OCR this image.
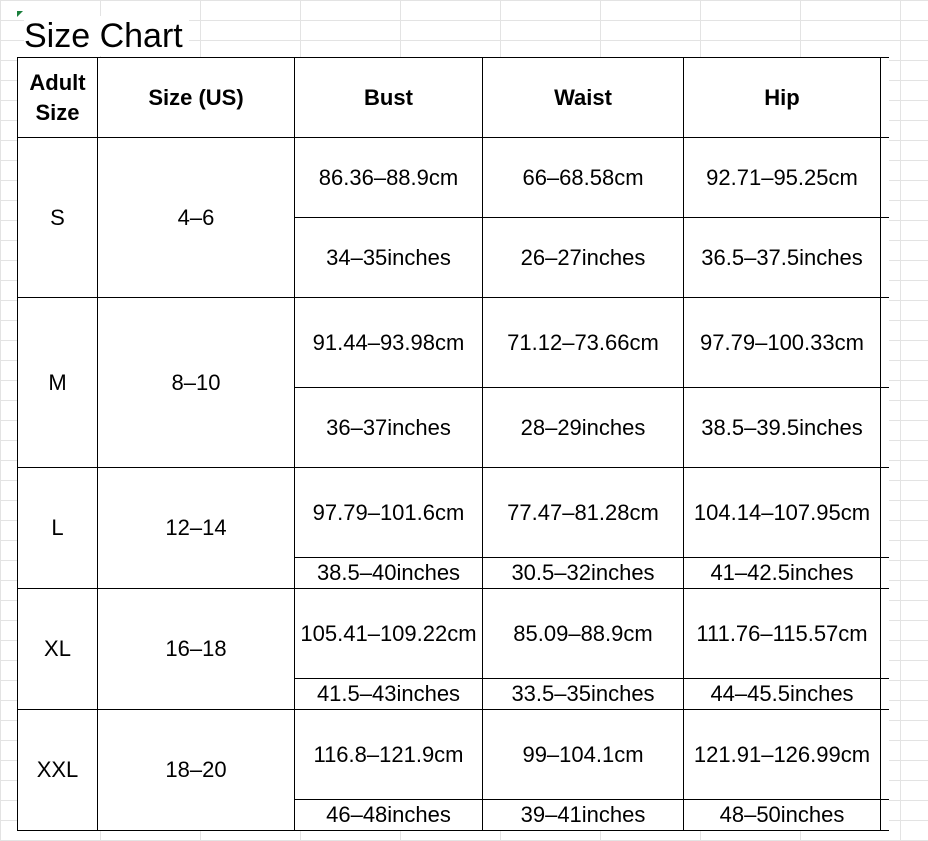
Size Chart
Adult Size	Size (US)	Bust	Waist	Hip	
S	4–6	86.36–88.9cm	66–68.58cm	92.71–95.25cm	
		34–35inches	26–27inches	36.5–37.5inches	
M	8–10	91.44–93.98cm	71.12–73.66cm	97.79–100.33cm	
		36–37inches	28–29inches	38.5–39.5inches	
L	12–14	97.79–101.6cm	77.47–81.28cm	104.14–107.95cm	
		38.5–40inches	30.5–32inches	41–42.5inches	
XL	16–18	105.41–109.22cm	85.09–88.9cm	111.76–115.57cm	
		41.5–43inches	33.5–35inches	44–45.5inches	
XXL	18–20	116.8–121.9cm	99–104.1cm	121.91–126.99cm	
		46–48inches	39–41inches	48–50inches	
